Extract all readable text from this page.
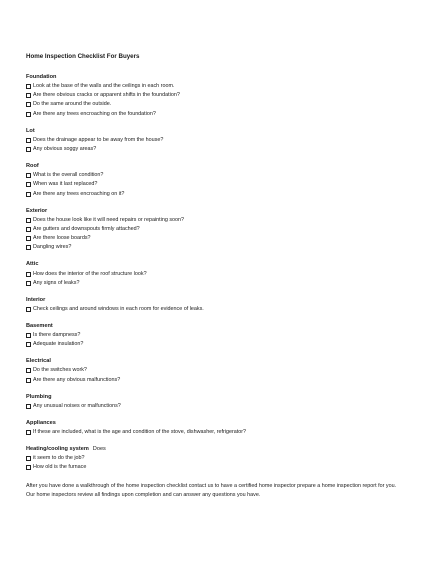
Home Inspection Checklist For Buyers
Foundation
Look at the base of the walls and the ceilings in each room.
Are there obvious cracks or apparent shifts in the foundation?
Do the same around the outside.
Are there any trees encroaching on the foundation?
Lot
Does the drainage appear to be away from the house?
Any obvious soggy areas?
Roof
What is the overall condition?
When was it last replaced?
Are there any trees encroaching on it?
Exterior
Does the house look like it will need repairs or repainting soon?
Are gutters and downspouts firmly attached?
Are there loose boards?
Dangling wires?
Attic
How does the interior of the roof structure look?
Any signs of leaks?
Interior
Check ceilings and around windows in each room for evidence of leaks.
Basement
Is there dampness?
Adequate insulation?
Electrical
Do the switches work?
Are there any obvious malfunctions?
Plumbing
Any unusual noises or malfunctions?
Appliances
If these are included, what is the age and condition of the stove, dishwasher, refrigerator?
Heating/cooling system Does
it seem to do the job?
How old is the furnace
After you have done a walkthrough of the home inspection checklist contact us to have a certified home inspector prepare a home inspection report for you. Our home inspectors review all findings upon completion and can answer any questions you have.
